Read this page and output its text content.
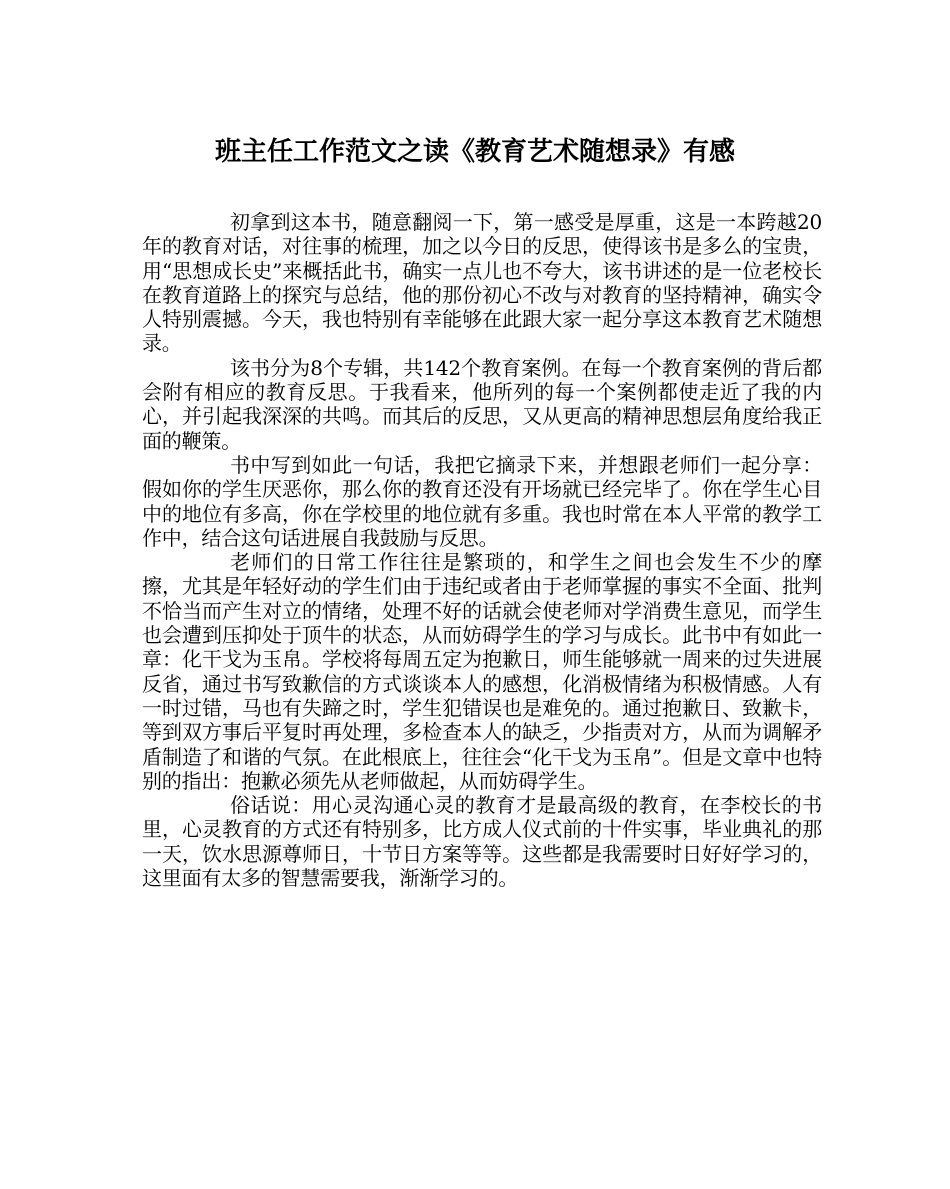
班主任工作范文之读《教育艺术随想录》有感

初拿到这本书，随意翻阅一下，第一感受是厚重，这是一本跨越20年的教育对话，对往事的梳理，加之以今日的反思，使得该书是多么的宝贵，用“思想成长史”来概括此书，确实一点儿也不夸大，该书讲述的是一位老校长在教育道路上的探究与总结，他的那份初心不改与对教育的坚持精神，确实令人特别震撼。今天，我也特别有幸能够在此跟大家一起分享这本教育艺术随想录。

该书分为8个专辑，共142个教育案例。在每一个教育案例的背后都会附有相应的教育反思。于我看来，他所列的每一个案例都使走近了我的内心，并引起我深深的共鸣。而其后的反思，又从更高的精神思想层角度给我正面的鞭策。

书中写到如此一句话，我把它摘录下来，并想跟老师们一起分享：假如你的学生厌恶你，那么你的教育还没有开场就已经完毕了。你在学生心目中的地位有多高，你在学校里的地位就有多重。我也时常在本人平常的教学工作中，结合这句话进展自我鼓励与反思。

老师们的日常工作往往是繁琐的，和学生之间也会发生不少的摩擦，尤其是年轻好动的学生们由于违纪或者由于老师掌握的事实不全面、批判不恰当而产生对立的情绪，处理不好的话就会使老师对学消费生意见，而学生也会遭到压抑处于顶牛的状态，从而妨碍学生的学习与成长。此书中有如此一章：化干戈为玉帛。学校将每周五定为抱歉日，师生能够就一周来的过失进展反省，通过书写致歉信的方式谈谈本人的感想，化消极情绪为积极情感。人有一时过错，马也有失蹄之时，学生犯错误也是难免的。通过抱歉日、致歉卡，等到双方事后平复时再处理，多检查本人的缺乏，少指责对方，从而为调解矛盾制造了和谐的气氛。在此根底上，往往会“化干戈为玉帛”。但是文章中也特别的指出：抱歉必须先从老师做起，从而妨碍学生。

俗话说：用心灵沟通心灵的教育才是最高级的教育，在李校长的书里，心灵教育的方式还有特别多，比方成人仪式前的十件实事，毕业典礼的那一天，饮水思源尊师日，十节日方案等等。这些都是我需要时日好好学习的，这里面有太多的智慧需要我，渐渐学习的。
